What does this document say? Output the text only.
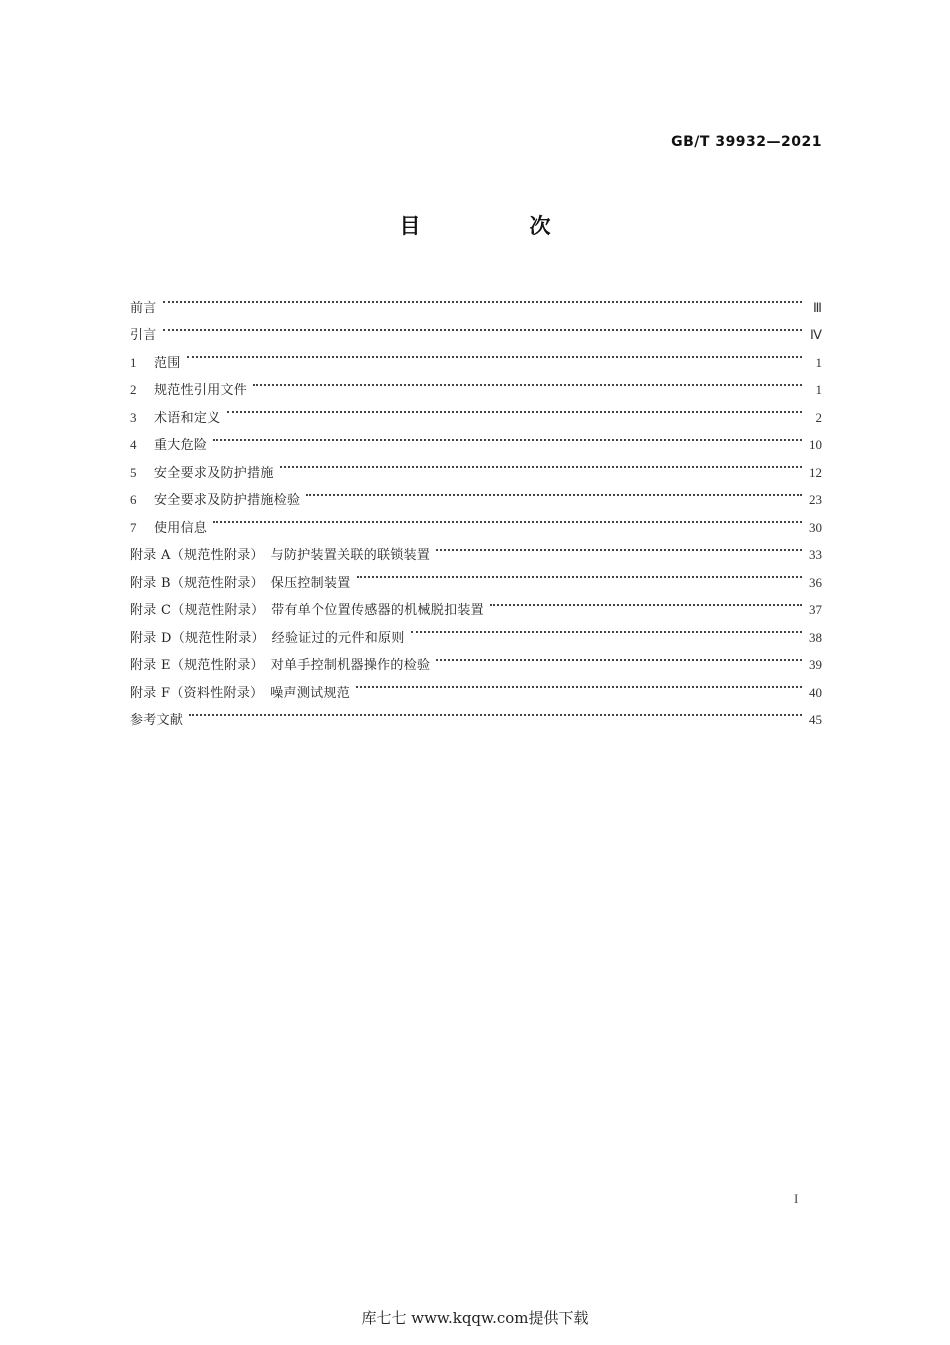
GB/T 39932—2021
目　次
前言	Ⅲ
引言	Ⅳ
1	范围	1
2	规范性引用文件	1
3	术语和定义	2
4	重大危险	10
5	安全要求及防护措施	12
6	安全要求及防护措施检验	23
7	使用信息	30
附录 A（规范性附录）　与防护装置关联的联锁装置	33
附录 B（规范性附录）　保压控制装置	36
附录 C（规范性附录）　带有单个位置传感器的机械脱扣装置	37
附录 D（规范性附录）　经验证过的元件和原则	38
附录 E（规范性附录）　对单手控制机器操作的检验	39
附录 F（资料性附录）　噪声测试规范	40
参考文献	45
I
库七七 www.kqqw.com提供下载
